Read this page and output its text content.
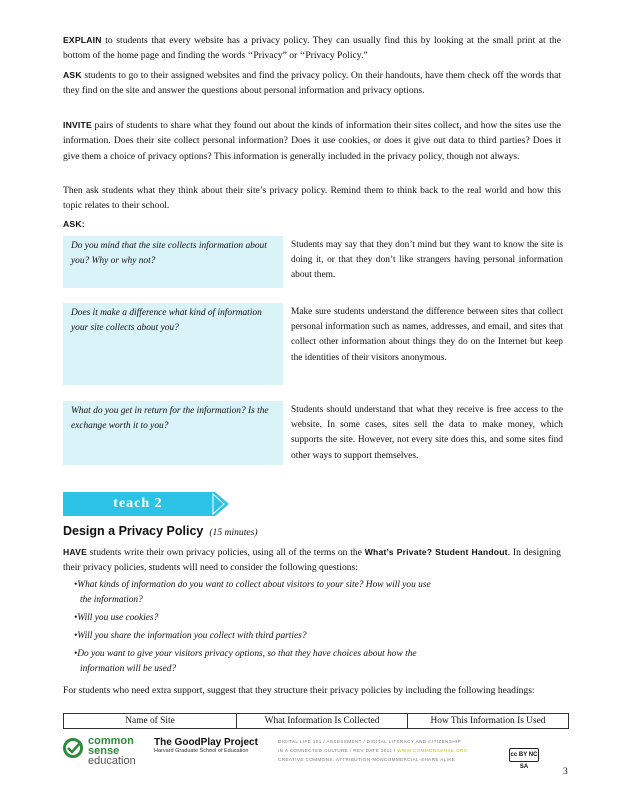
EXPLAIN to students that every website has a privacy policy. They can usually find this by looking at the small print at the bottom of the home page and finding the words ‘‘Privacy” or ‘‘Privacy Policy.”
ASK students to go to their assigned websites and find the privacy policy. On their handouts, have them check off the words that they find on the site and answer the questions about personal information and privacy options.
INVITE pairs of students to share what they found out about the kinds of information their sites collect, and how the sites use the information. Does their site collect personal information? Does it use cookies, or does it give out data to third parties? Does it give them a choice of privacy options? This information is generally included in the privacy policy, though not always.
Then ask students what they think about their site’s privacy policy. Remind them to think back to the real world and how this topic relates to their school.
ASK:
Do you mind that the site collects information about you? Why or why not?
Students may say that they don’t mind but they want to know the site is doing it, or that they don’t like strangers having personal information about them.
Does it make a difference what kind of information your site collects about you?
Make sure students understand the difference between sites that collect personal information such as names, addresses, and email, and sites that collect other information about things they do on the Internet but keep the identities of their visitors anonymous.
What do you get in return for the information? Is the exchange worth it to you?
Students should understand that what they receive is free access to the website. In some cases, sites sell the data to make money, which supports the site. However, not every site does this, and some sites find other ways to support themselves.
teach 2
Design a Privacy Policy (15 minutes)
HAVE students write their own privacy policies, using all of the terms on the What’s Private? Student Handout. In designing their privacy policies, students will need to consider the following questions:
•What kinds of information do you want to collect about visitors to your site? How will you use
the information?
•Will you use cookies?
•Will you share the information you collect with third parties?
•Do you want to give your visitors privacy options, so that they have choices about how the
information will be used?
For students who need extra support, suggest that they structure their privacy policies by including the following headings:
Name of Site	What Information Is Collected	How This Information Is Used
common
sense
education
The GoodPlay Project
Harvard Graduate School of Education
DIGITAL LIFE 101 / ASSESSMENT / DIGITAL LITERACY AND CITIZENSHIP
IN A CONNECTED CULTURE / REV DATE 2011 / WWW.COMMONSENSE.ORG
CREATIVE COMMONS: ATTRIBUTION-NONCOMMERCIAL-SHARE ALIKE
cc BY NC SA	3
